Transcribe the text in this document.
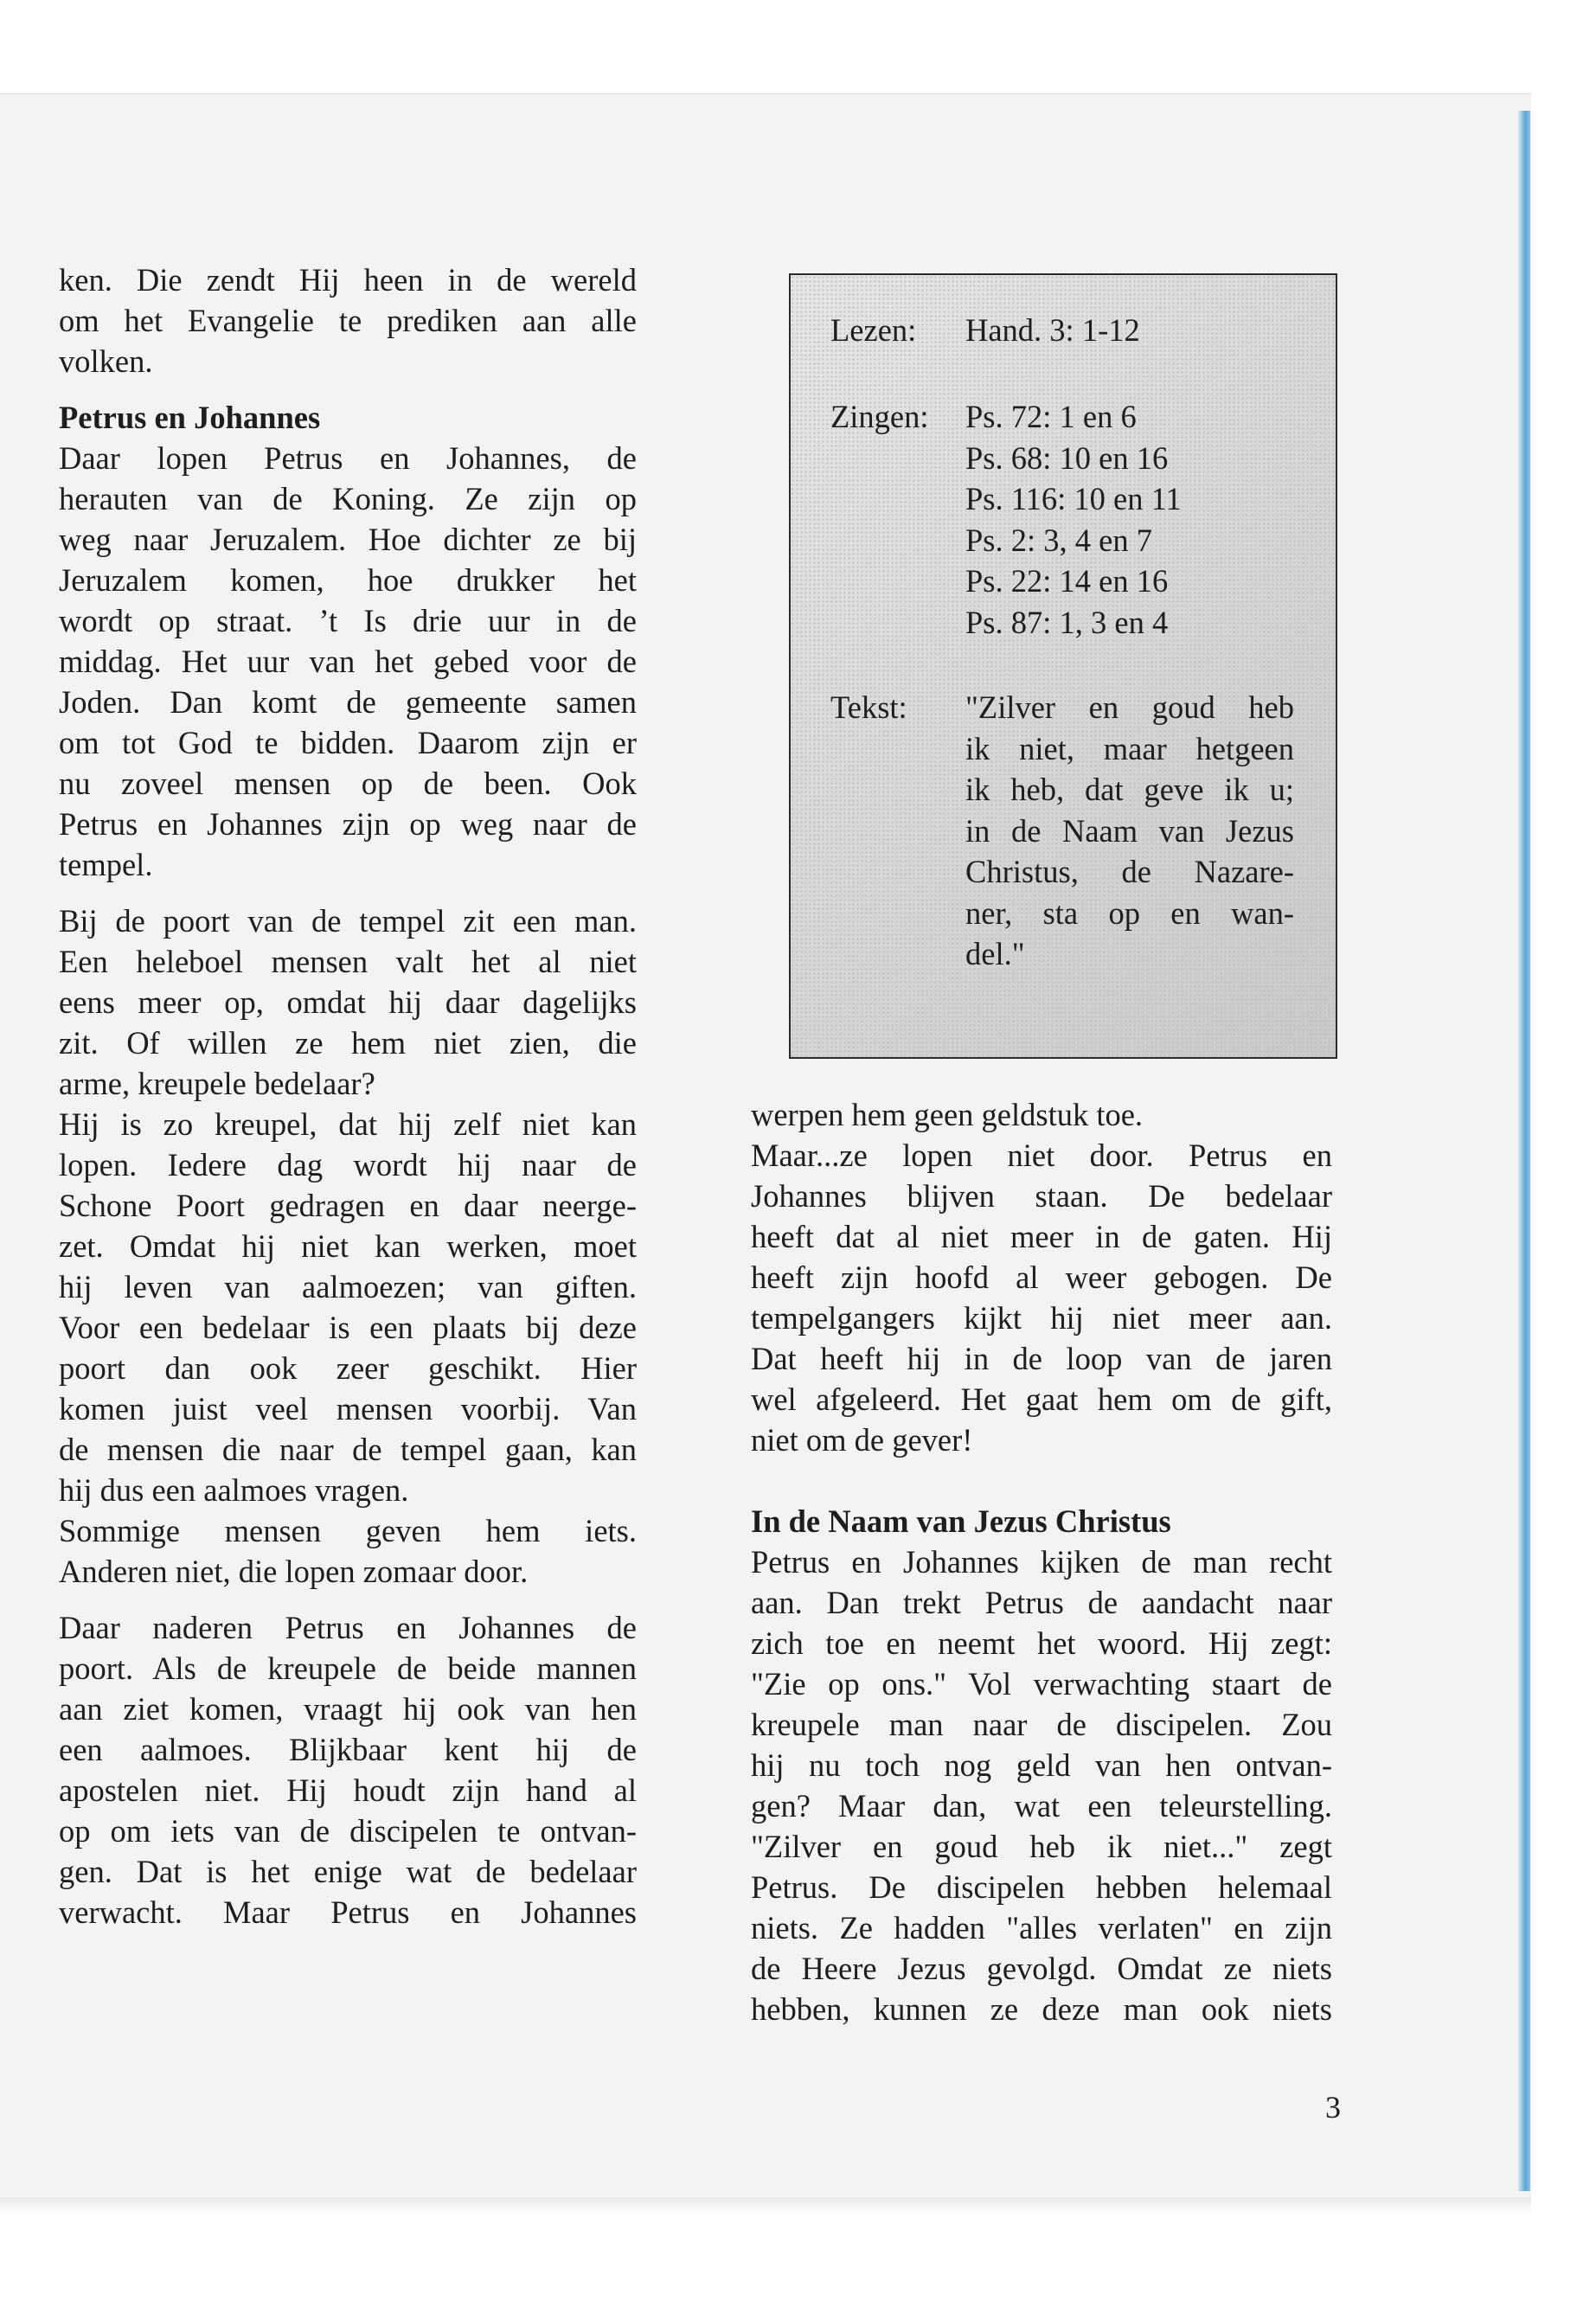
ken. Die zendt Hij heen in de wereld
om het Evangelie te prediken aan alle
volken.

Petrus en Johannes

Daar lopen Petrus en Johannes, de
herauten van de Koning. Ze zijn op
weg naar Jeruzalem. Hoe dichter ze bij
Jeruzalem komen, hoe drukker het
wordt op straat. ’t Is drie uur in de
middag. Het uur van het gebed voor de
Joden. Dan komt de gemeente samen
om tot God te bidden. Daarom zijn er
nu zoveel mensen op de been. Ook
Petrus en Johannes zijn op weg naar de
tempel.

Bij de poort van de tempel zit een man.
Een heleboel mensen valt het al niet
eens meer op, omdat hij daar dagelijks
zit. Of willen ze hem niet zien, die
arme, kreupele bedelaar?

Hij is zo kreupel, dat hij zelf niet kan
lopen. Iedere dag wordt hij naar de
Schone Poort gedragen en daar neerge-
zet. Omdat hij niet kan werken, moet
hij leven van aalmoezen; van giften.
Voor een bedelaar is een plaats bij deze
poort dan ook zeer geschikt. Hier
komen juist veel mensen voorbij. Van
de mensen die naar de tempel gaan, kan
hij dus een aalmoes vragen.

Sommige mensen geven hem iets.
Anderen niet, die lopen zomaar door.

Daar naderen Petrus en Johannes de
poort. Als de kreupele de beide mannen
aan ziet komen, vraagt hij ook van hen
een aalmoes. Blijkbaar kent hij de
apostelen niet. Hij houdt zijn hand al
op om iets van de discipelen te ontvan-
gen. Dat is het enige wat de bedelaar
verwacht. Maar Petrus en Johannes

Lezen:	Hand. 3: 1-12
Zingen:	Ps. 72: 1 en 6
Ps. 68: 10 en 16
Ps. 116: 10 en 11
Ps. 2: 3, 4 en 7
Ps. 22: 14 en 16
Ps. 87: 1, 3 en 4
Tekst:	"Zilver en goud heb
ik niet, maar hetgeen
ik heb, dat geve ik u;
in de Naam van Jezus
Christus, de Nazare-
ner, sta op en wan-
del."

werpen hem geen geldstuk toe.
Maar...ze lopen niet door. Petrus en
Johannes blijven staan. De bedelaar
heeft dat al niet meer in de gaten. Hij
heeft zijn hoofd al weer gebogen. De
tempelgangers kijkt hij niet meer aan.
Dat heeft hij in de loop van de jaren
wel afgeleerd. Het gaat hem om de gift,
niet om de gever!

In de Naam van Jezus Christus

Petrus en Johannes kijken de man recht
aan. Dan trekt Petrus de aandacht naar
zich toe en neemt het woord. Hij zegt:
"Zie op ons." Vol verwachting staart de
kreupele man naar de discipelen. Zou
hij nu toch nog geld van hen ontvan-
gen? Maar dan, wat een teleurstelling.
"Zilver en goud heb ik niet..." zegt
Petrus. De discipelen hebben helemaal
niets. Ze hadden "alles verlaten" en zijn
de Heere Jezus gevolgd. Omdat ze niets
hebben, kunnen ze deze man ook niets

3
